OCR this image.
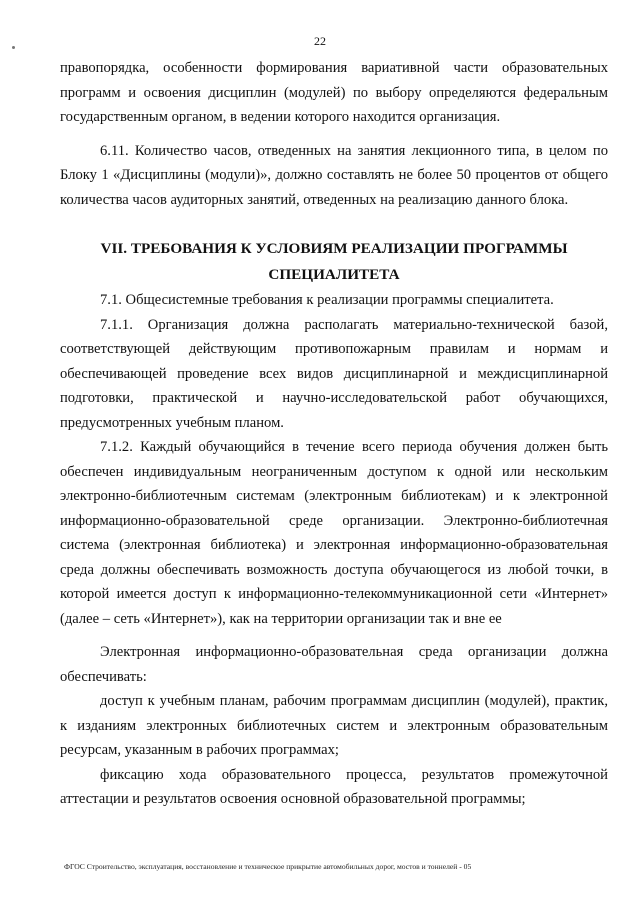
22

правопорядка, особенности формирования вариативной части образовательных программ и освоения дисциплин (модулей) по выбору определяются федеральным государственным органом, в ведении которого находится организация.

6.11. Количество часов, отведенных на занятия лекционного типа, в целом по Блоку 1 «Дисциплины (модули)», должно составлять не более 50 процентов от общего количества часов аудиторных занятий, отведенных на реализацию данного блока.

VII. ТРЕБОВАНИЯ К УСЛОВИЯМ РЕАЛИЗАЦИИ ПРОГРАММЫ
СПЕЦИАЛИТЕТА

7.1. Общесистемные требования к реализации программы специалитета.

7.1.1. Организация должна располагать материально-технической базой, соответствующей действующим противопожарным правилам и нормам и обеспечивающей проведение всех видов дисциплинарной и междисциплинарной подготовки, практической и научно-исследовательской работ обучающихся, предусмотренных учебным планом.

7.1.2. Каждый обучающийся в течение всего периода обучения должен быть обеспечен индивидуальным неограниченным доступом к одной или нескольким электронно-библиотечным системам (электронным библиотекам) и к электронной информационно-образовательной среде организации. Электронно-библиотечная система (электронная библиотека) и электронная информационно-образовательная среда должны обеспечивать возможность доступа обучающегося из любой точки, в которой имеется доступ к информационно-телекоммуникационной сети «Интернет» (далее – сеть «Интернет»), как на территории организации так и вне ее

Электронная информационно-образовательная среда организации должна обеспечивать:

доступ к учебным планам, рабочим программам дисциплин (модулей), практик, к изданиям электронных библиотечных систем и электронным образовательным ресурсам, указанным в рабочих программах;

фиксацию хода образовательного процесса, результатов промежуточной аттестации и результатов освоения основной образовательной программы;

ФГОС Строительство, эксплуатация, восстановление и техническое прикрытие автомобильных дорог, мостов и тоннелей - 05
